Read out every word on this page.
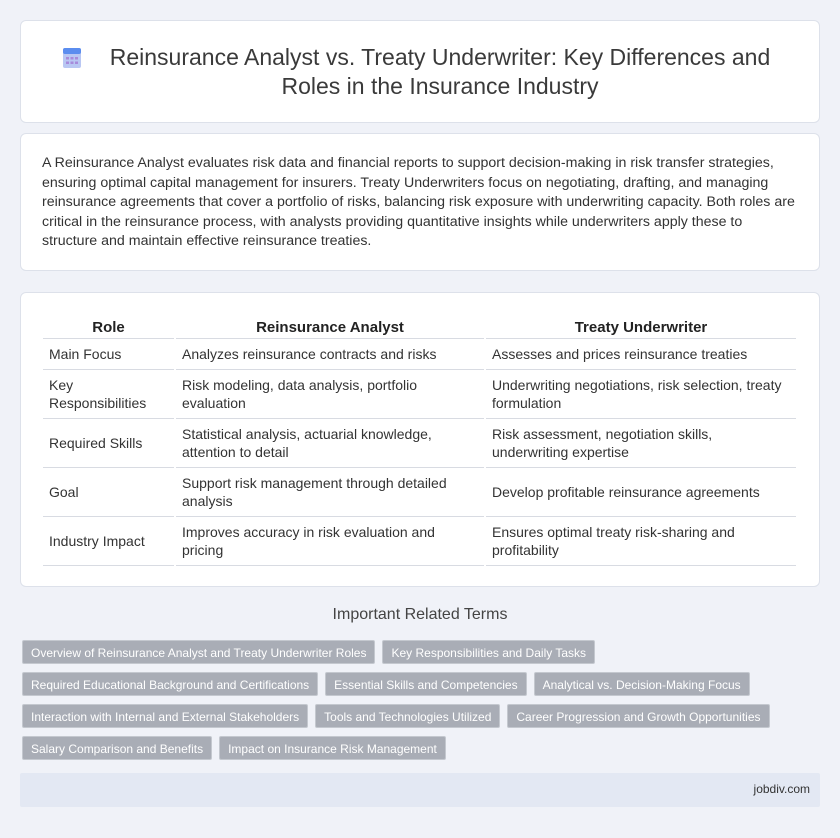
Reinsurance Analyst vs. Treaty Underwriter: Key Differences and Roles in the Insurance Industry

A Reinsurance Analyst evaluates risk data and financial reports to support decision-making in risk transfer strategies, ensuring optimal capital management for insurers. Treaty Underwriters focus on negotiating, drafting, and managing reinsurance agreements that cover a portfolio of risks, balancing risk exposure with underwriting capacity. Both roles are critical in the reinsurance process, with analysts providing quantitative insights while underwriters apply these to structure and maintain effective reinsurance treaties.

Role	Reinsurance Analyst	Treaty Underwriter
Main Focus	Analyzes reinsurance contracts and risks	Assesses and prices reinsurance treaties
Key Responsibilities	Risk modeling, data analysis, portfolio evaluation	Underwriting negotiations, risk selection, treaty formulation
Required Skills	Statistical analysis, actuarial knowledge, attention to detail	Risk assessment, negotiation skills, underwriting expertise
Goal	Support risk management through detailed analysis	Develop profitable reinsurance agreements
Industry Impact	Improves accuracy in risk evaluation and pricing	Ensures optimal treaty risk-sharing and profitability
Important Related Terms
Overview of Reinsurance Analyst and Treaty Underwriter Roles	Key Responsibilities and Daily Tasks
Required Educational Background and Certifications	Essential Skills and Competencies	Analytical vs. Decision-Making Focus
Interaction with Internal and External Stakeholders	Tools and Technologies Utilized	Career Progression and Growth Opportunities
Salary Comparison and Benefits	Impact on Insurance Risk Management
jobdiv.com
